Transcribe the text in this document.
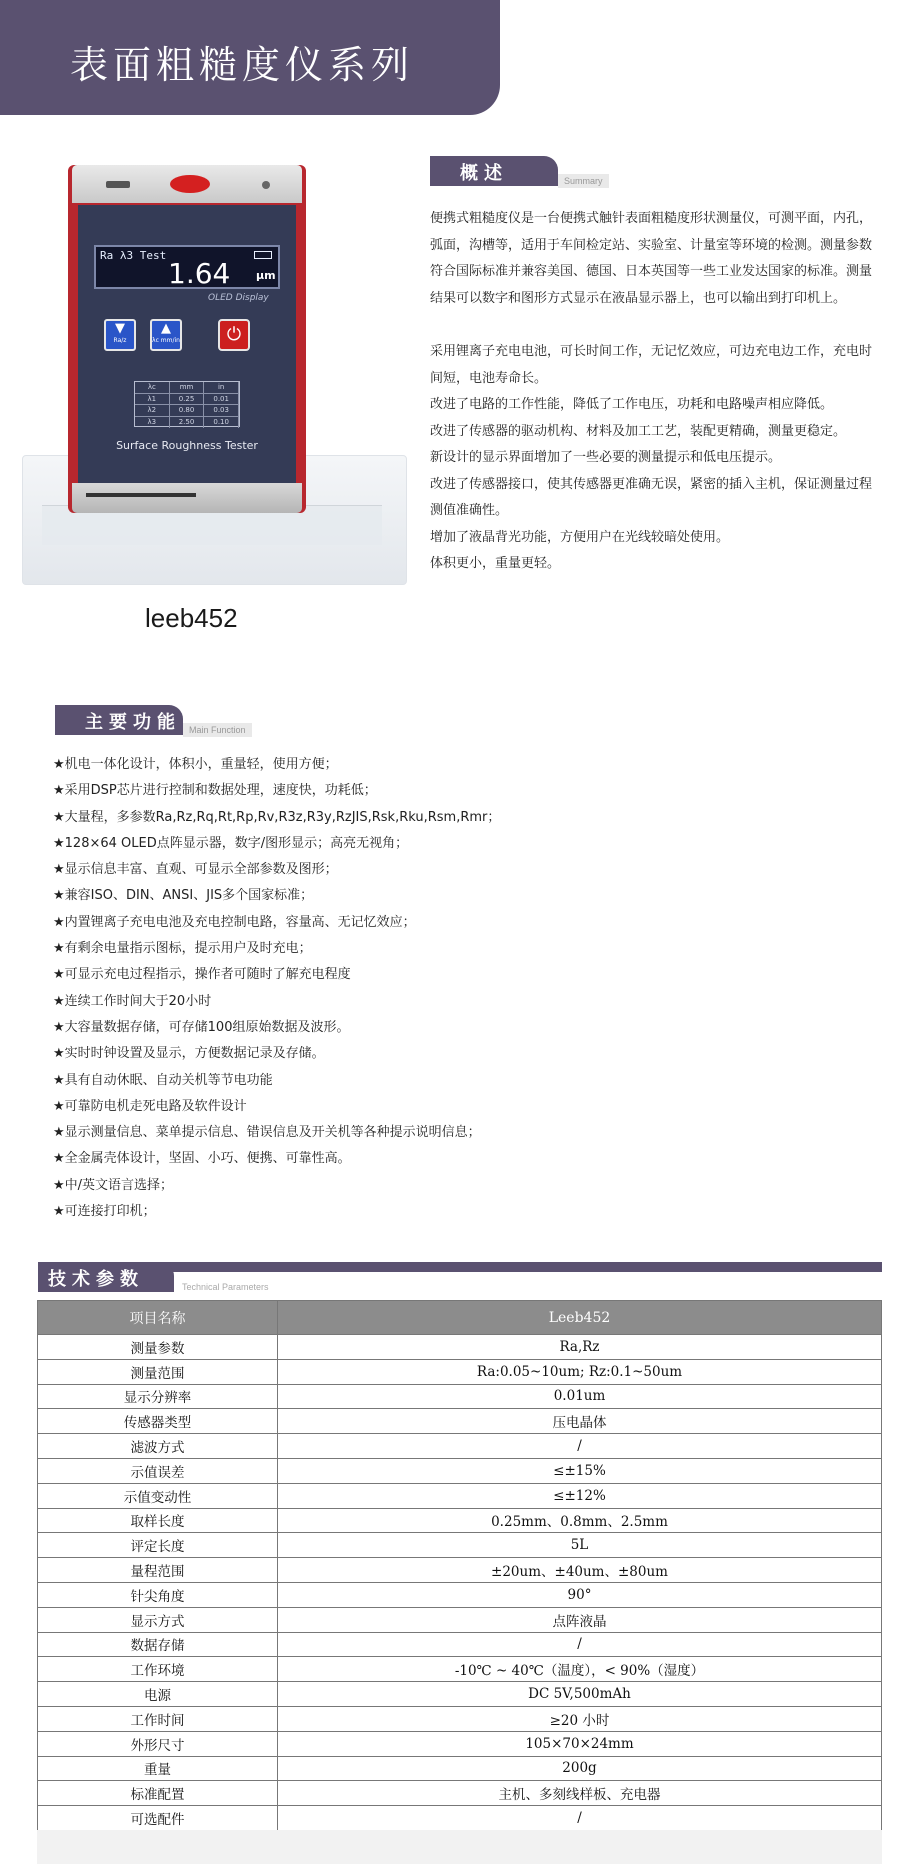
表面粗糙度仪系列
Ra λ3 Test
1.64 μm
OLED Display
▼
Ra/z
▲
λc mm/in	⏻
λc	mm	in
λ1	0.25	0.01
λ2	0.80	0.03
λ3	2.50	0.10
Surface Roughness Tester
leeb452
概述	Summary

便携式粗糙度仪是一台便携式触针表面粗糙度形状测量仪，可测平面，内孔，弧面，沟槽等，适用于车间检定站、实验室、计量室等环境的检测。测量参数符合国际标准并兼容美国、德国、日本英国等一些工业发达国家的标准。测量结果可以数字和图形方式显示在液晶显示器上，也可以输出到打印机上。

采用锂离子充电电池，可长时间工作，无记忆效应，可边充电边工作，充电时间短，电池寿命长。

改进了电路的工作性能，降低了工作电压，功耗和电路噪声相应降低。

改进了传感器的驱动机构、材料及加工工艺，装配更精确，测量更稳定。

新设计的显示界面增加了一些必要的测量提示和低电压提示。

改进了传感器接口，使其传感器更准确无误，紧密的插入主机，保证测量过程测值准确性。

增加了液晶背光功能，方便用户在光线较暗处使用。

体积更小，重量更轻。

主要功能 Main Function
★机电一体化设计，体积小，重量轻，使用方便；
★采用DSP芯片进行控制和数据处理，速度快，功耗低；
★大量程，多参数Ra,Rz,Rq,Rt,Rp,Rv,R3z,R3y,RzJIS,Rsk,Rku,Rsm,Rmr；
★128×64 OLED点阵显示器，数字/图形显示；高亮无视角；
★显示信息丰富、直观、可显示全部参数及图形；
★兼容ISO、DIN、ANSI、JIS多个国家标准；
★内置锂离子充电电池及充电控制电路，容量高、无记忆效应；
★有剩余电量指示图标，提示用户及时充电；
★可显示充电过程指示，操作者可随时了解充电程度
★连续工作时间大于20小时
★大容量数据存储，可存储100组原始数据及波形。
★实时时钟设置及显示，方便数据记录及存储。
★具有自动休眠、自动关机等节电功能
★可靠防电机走死电路及软件设计
★显示测量信息、菜单提示信息、错误信息及开关机等各种提示说明信息；
★全金属壳体设计，坚固、小巧、便携、可靠性高。
★中/英文语言选择；
★可连接打印机；
技术参数	Technical Parameters
项目名称	Leeb452
测量参数	Ra,Rz
测量范围	Ra:0.05~10um; Rz:0.1~50um
显示分辨率	0.01um
传感器类型	压电晶体
滤波方式	/
示值误差	≤±15%
示值变动性	≤±12%
取样长度	0.25mm、0.8mm、2.5mm
评定长度	5L
量程范围	±20um、±40um、±80um
针尖角度	90°
显示方式	点阵液晶
数据存储	/
工作环境	-10℃ ~ 40℃（温度），< 90%（湿度）
电源	DC 5V,500mAh
工作时间	≥20 小时
外形尺寸	105×70×24mm
重量	200g
标准配置	主机、多刻线样板、充电器
可选配件	/
